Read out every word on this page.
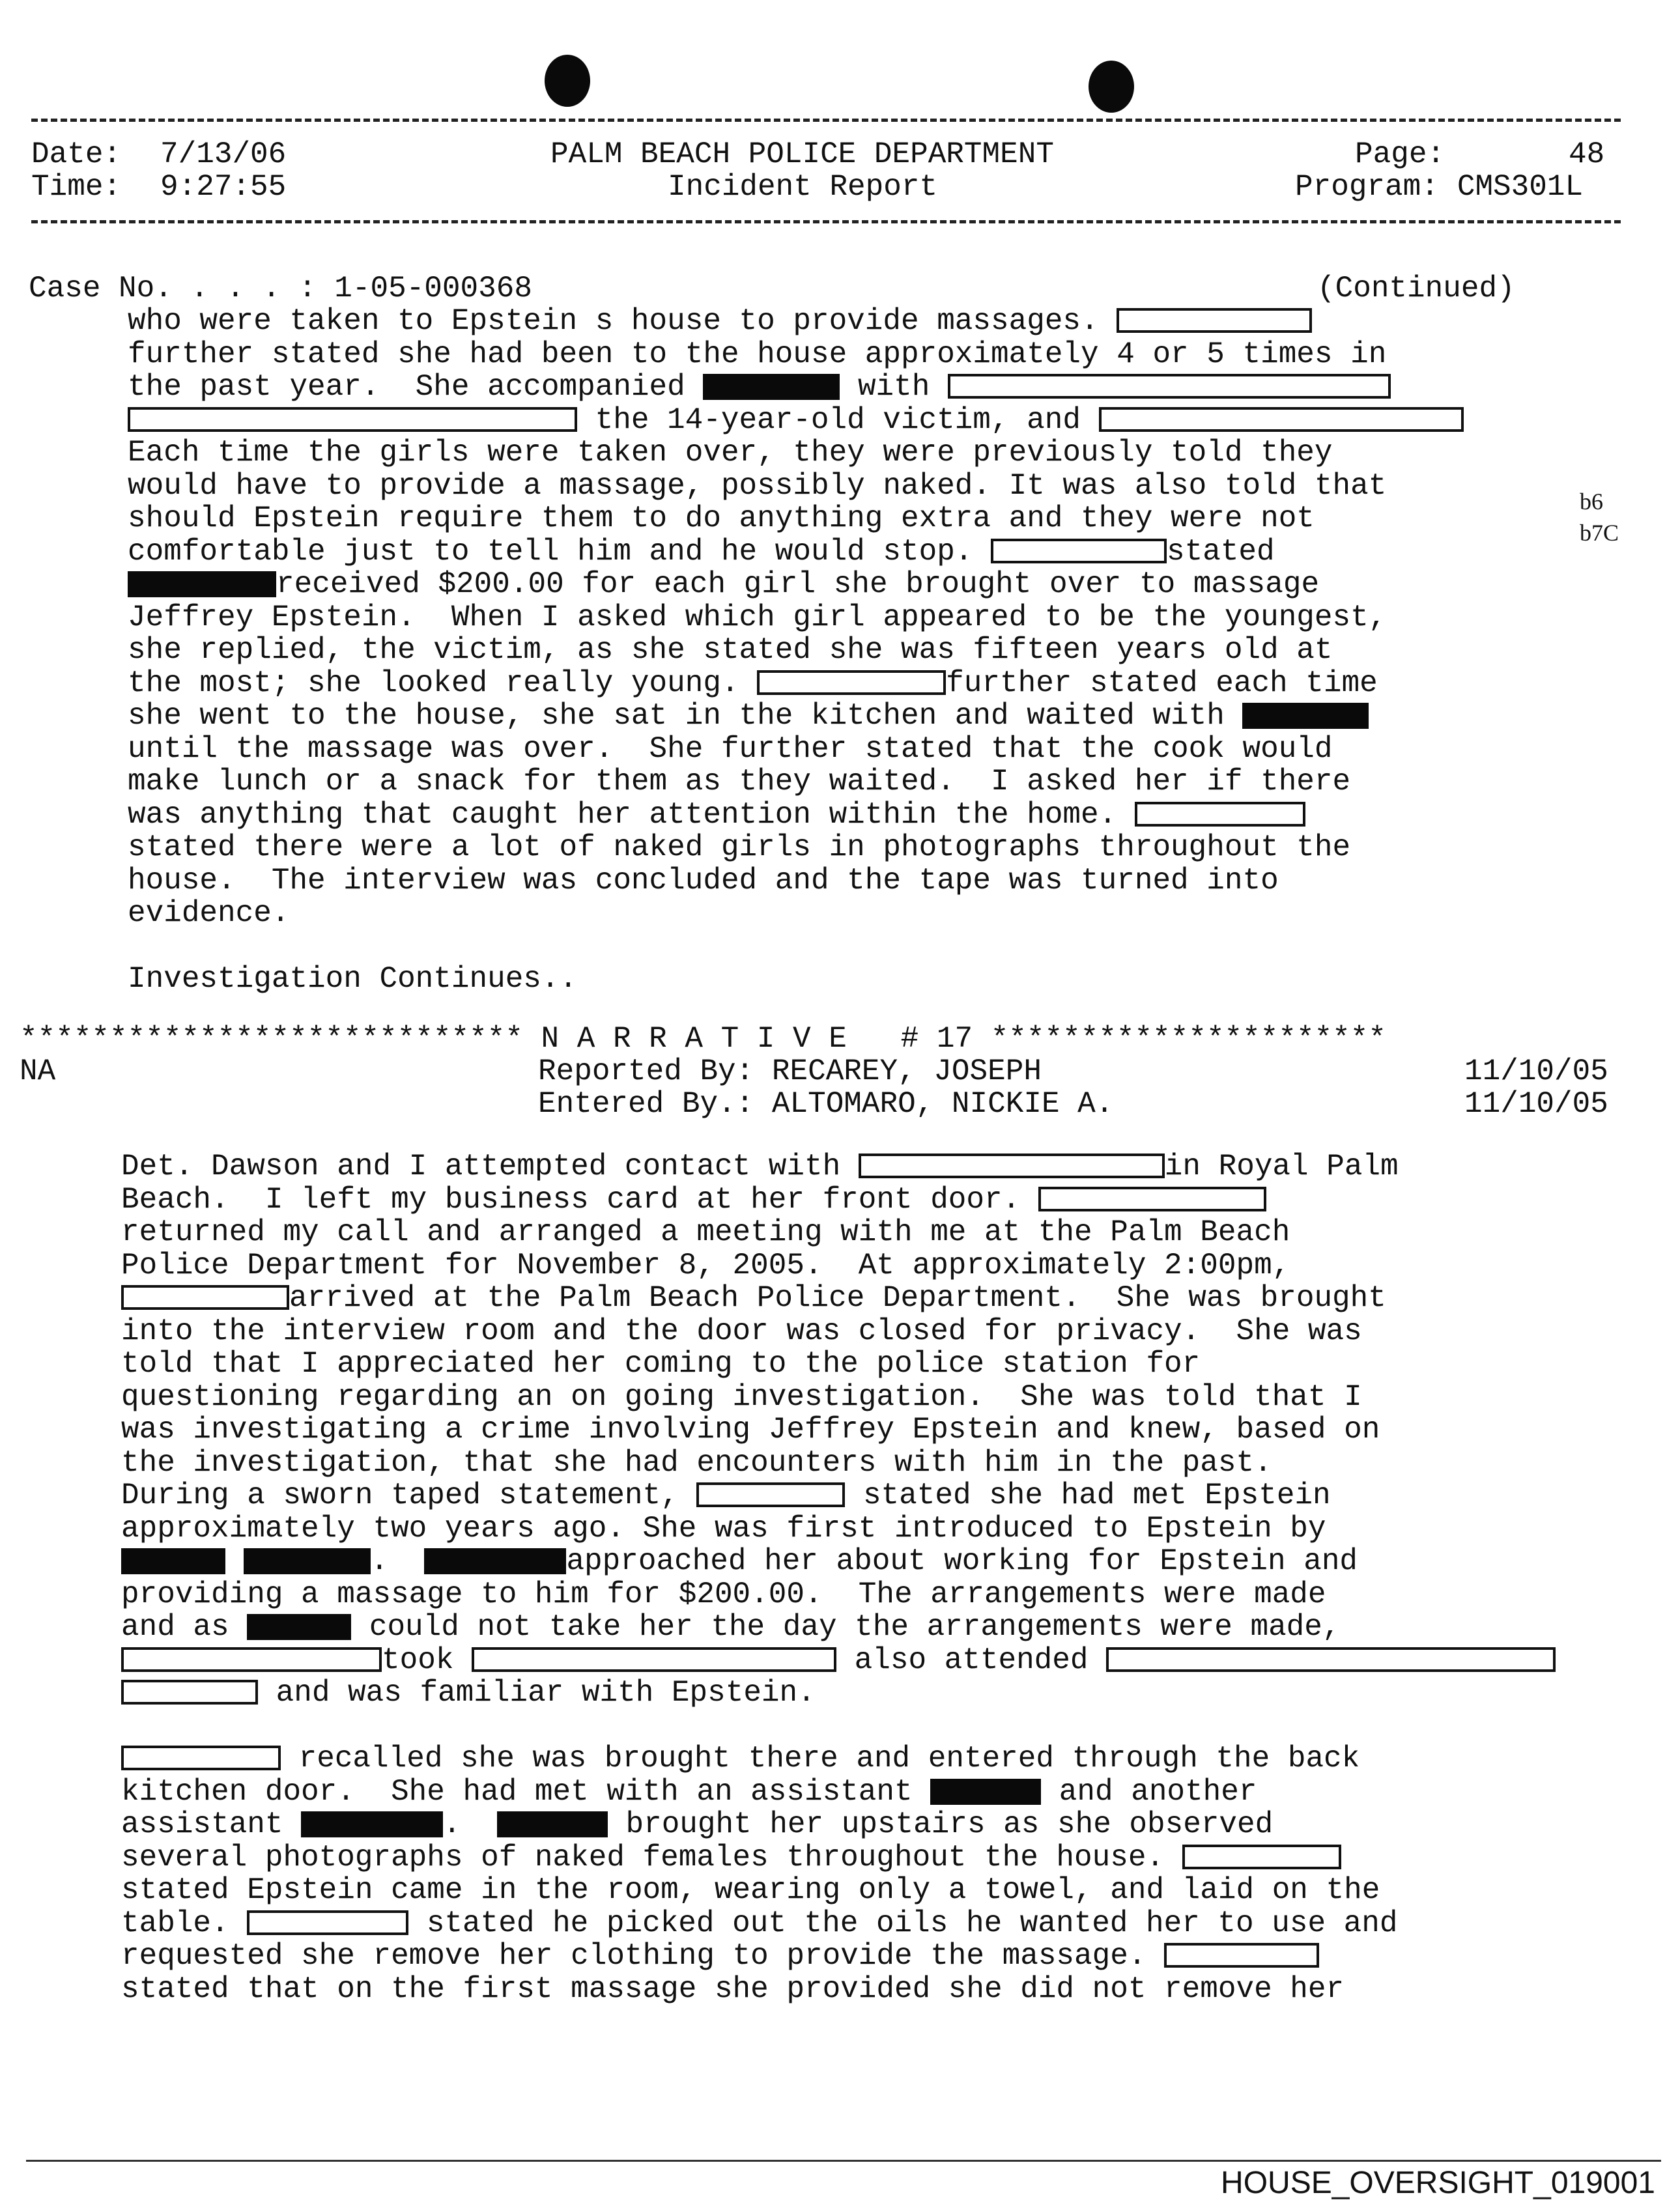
Date: 7/13/06
Time: 9:27:55
PALM BEACH POLICE DEPARTMENT
Incident Report
Page:	48
Program: CMS301L
Case No. . . . : 1-05-000368	(Continued)
who were taken to Epstein s house to provide massages.
further stated she had been to the house approximately 4 or 5 times in
the past year.  She accompanied	with
the 14-year-old victim, and
Each time the girls were taken over, they were previously told they
would have to provide a massage, possibly naked. It was also told that
should Epstein require them to do anything extra and they were not
comfortable just to tell him and he would stop.	stated
received $200.00 for each girl she brought over to massage
Jeffrey Epstein.  When I asked which girl appeared to be the youngest,
she replied, the victim, as she stated she was fifteen years old at
the most; she looked really young.	further stated each time
she went to the house, she sat in the kitchen and waited with
until the massage was over.  She further stated that the cook would
make lunch or a snack for them as they waited.  I asked her if there
was anything that caught her attention within the home.
stated there were a lot of naked girls in photographs throughout the
house.  The interview was concluded and the tape was turned into
evidence.
Investigation Continues..
b6
b7C
**************************** N A R R A T I V E # 17 **********************
NA	Reported By: RECAREY, JOSEPH	11/10/05
Entered By.: ALTOMARO, NICKIE A.	11/10/05
Det. Dawson and I attempted contact with	in Royal Palm
Beach.  I left my business card at her front door.
returned my call and arranged a meeting with me at the Palm Beach
Police Department for November 8, 2005.  At approximately 2:00pm,
arrived at the Palm Beach Police Department.  She was brought
into the interview room and the door was closed for privacy.  She was
told that I appreciated her coming to the police station for
questioning regarding an on going investigation.  She was told that I
was investigating a crime involving Jeffrey Epstein and knew, based on
the investigation, that she had encounters with him in the past.
During a sworn taped statement,	stated she had met Epstein
approximately two years ago. She was first introduced to Epstein by
.	approached her about working for Epstein and
providing a massage to him for $200.00.  The arrangements were made
and as	could not take her the day the arrangements were made,
took	also attended
and was familiar with Epstein.
recalled she was brought there and entered through the back
kitchen door.  She had met with an assistant	and another
assistant	.	brought her upstairs as she observed
several photographs of naked females throughout the house.
stated Epstein came in the room, wearing only a towel, and laid on the
table.	stated he picked out the oils he wanted her to use and
requested she remove her clothing to provide the massage.
stated that on the first massage she provided she did not remove her
HOUSE_OVERSIGHT_019001
